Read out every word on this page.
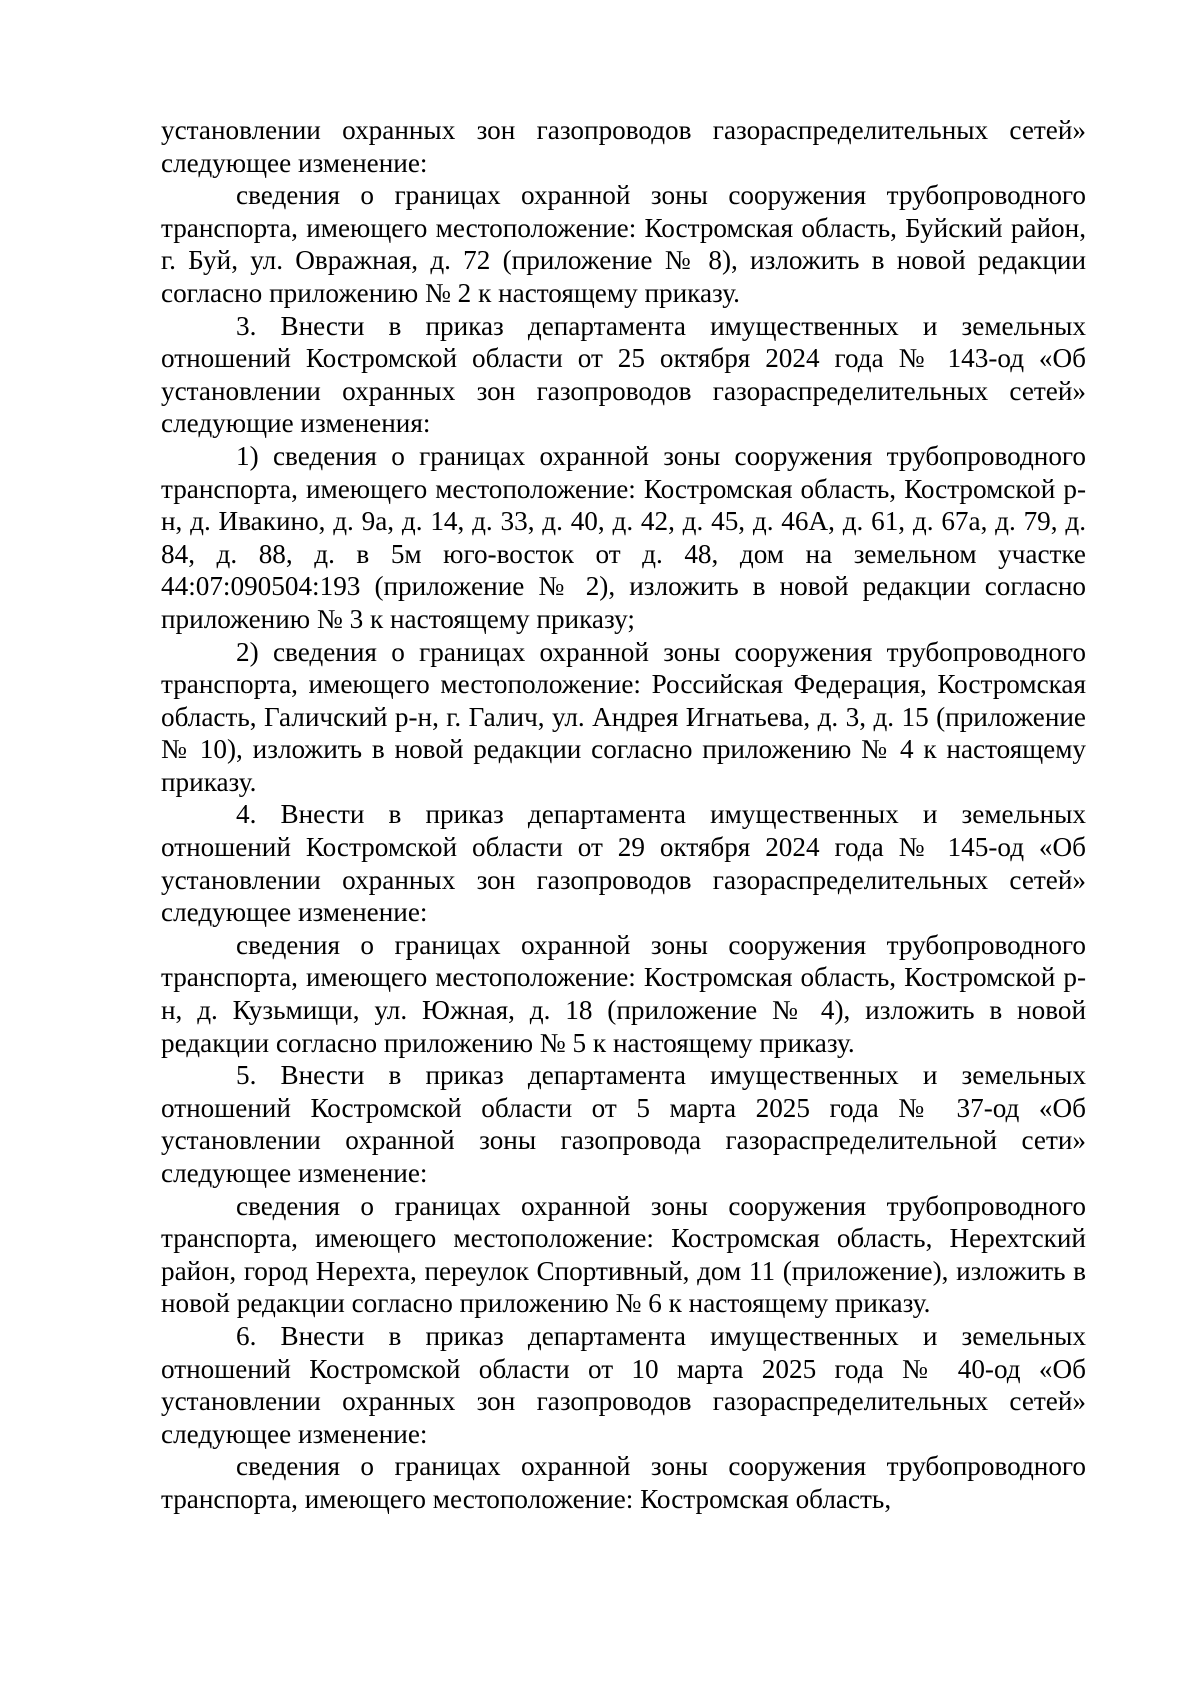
установлении охранных зон газопроводов газораспределительных сетей» следующее изменение:

сведения о границах охранной зоны сооружения трубопроводного транспорта, имеющего местоположение: Костромская область, Буйский район, г. Буй, ул. Овражная, д. 72 (приложение № 8), изложить в новой редакции согласно приложению № 2 к настоящему приказу.

3. Внести в приказ департамента имущественных и земельных отношений Костромской области от 25 октября 2024 года № 143-од «Об установлении охранных зон газопроводов газораспределительных сетей» следующие изменения:

1) сведения о границах охранной зоны сооружения трубопроводного транспорта, имеющего местоположение: Костромская область, Костромской р-н, д. Ивакино, д. 9а, д. 14, д. 33, д. 40, д. 42, д. 45, д. 46А, д. 61, д. 67а, д. 79, д. 84, д. 88, д. в 5м юго-восток от д. 48, дом на земельном участке 44:07:090504:193 (приложение № 2), изложить в новой редакции согласно приложению № 3 к настоящему приказу;

2) сведения о границах охранной зоны сооружения трубопроводного транспорта, имеющего местоположение: Российская Федерация, Костромская область, Галичский р-н, г. Галич, ул. Андрея Игнатьева, д. 3, д. 15 (приложение № 10), изложить в новой редакции согласно приложению № 4 к настоящему приказу.

4. Внести в приказ департамента имущественных и земельных отношений Костромской области от 29 октября 2024 года № 145-од «Об установлении охранных зон газопроводов газораспределительных сетей» следующее изменение:

сведения о границах охранной зоны сооружения трубопроводного транспорта, имеющего местоположение: Костромская область, Костромской р-н, д. Кузьмищи, ул. Южная, д. 18 (приложение № 4), изложить в новой редакции согласно приложению № 5 к настоящему приказу.

5. Внести в приказ департамента имущественных и земельных отношений Костромской области от 5 марта 2025 года № 37-од «Об установлении охранной зоны газопровода газораспределительной сети» следующее изменение:

сведения о границах охранной зоны сооружения трубопроводного транспорта, имеющего местоположение: Костромская область, Нерехтский район, город Нерехта, переулок Спортивный, дом 11 (приложение), изложить в новой редакции согласно приложению № 6 к настоящему приказу.

6. Внести в приказ департамента имущественных и земельных отношений Костромской области от 10 марта 2025 года № 40-од «Об установлении охранных зон газопроводов газораспределительных сетей» следующее изменение:

сведения о границах охранной зоны сооружения трубопроводного транспорта, имеющего местоположение: Костромская область,
